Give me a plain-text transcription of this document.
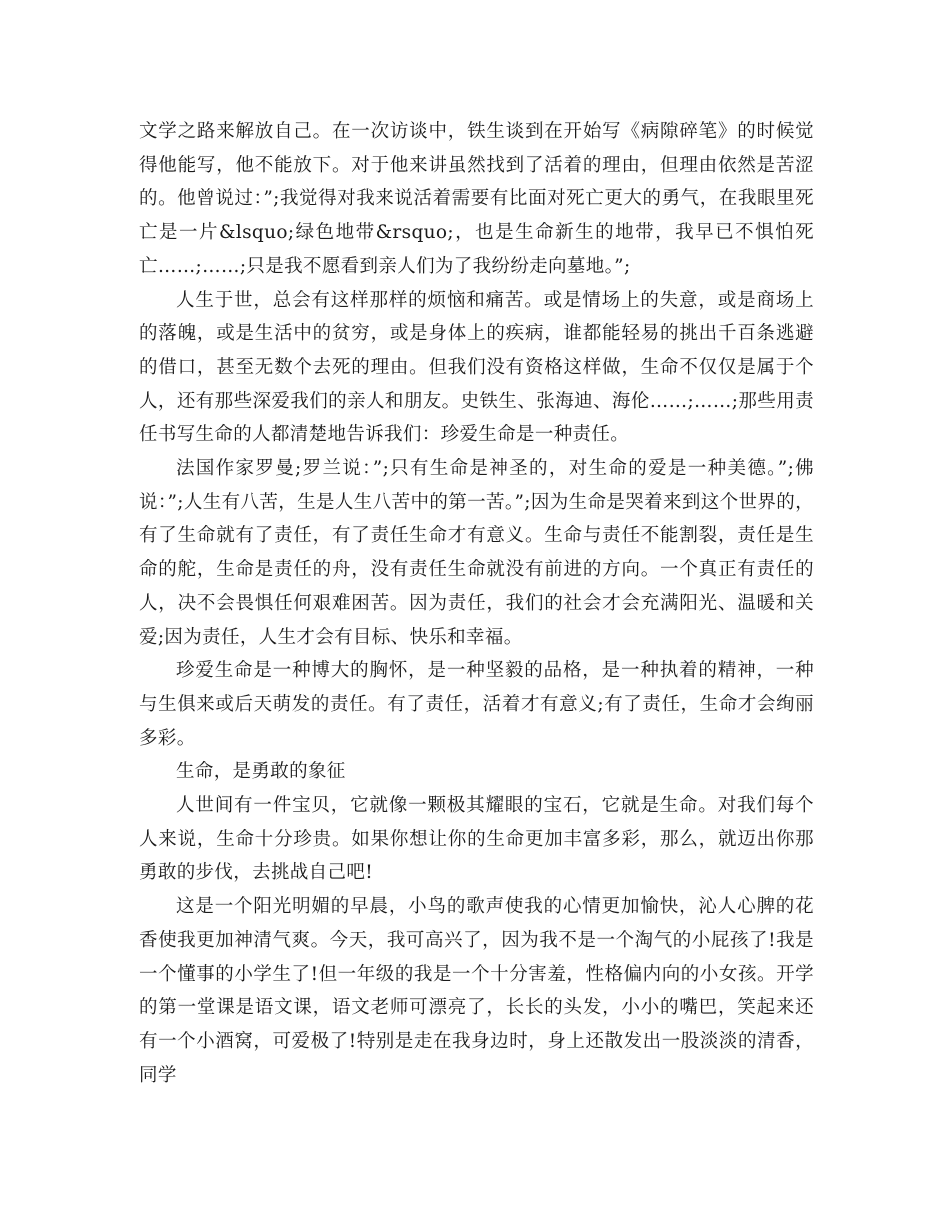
文学之路来解放自己。在一次访谈中，铁生谈到在开始写《病隙碎笔》的时候觉得他能写，他不能放下。对于他来讲虽然找到了活着的理由，但理由依然是苦涩的。他曾说过：”;我觉得对我来说活着需要有比面对死亡更大的勇气，在我眼里死亡是一片&lsquo;绿色地带&rsquo;，也是生命新生的地带，我早已不惧怕死亡……;……;只是我不愿看到亲人们为了我纷纷走向墓地。”;

人生于世，总会有这样那样的烦恼和痛苦。或是情场上的失意，或是商场上的落魄，或是生活中的贫穷，或是身体上的疾病，谁都能轻易的挑出千百条逃避的借口，甚至无数个去死的理由。但我们没有资格这样做，生命不仅仅是属于个人，还有那些深爱我们的亲人和朋友。史铁生、张海迪、海伦……;……;那些用责任书写生命的人都清楚地告诉我们：珍爱生命是一种责任。

法国作家罗曼;罗兰说：”;只有生命是神圣的，对生命的爱是一种美德。”;佛说：”;人生有八苦，生是人生八苦中的第一苦。”;因为生命是哭着来到这个世界的，有了生命就有了责任，有了责任生命才有意义。生命与责任不能割裂，责任是生命的舵，生命是责任的舟，没有责任生命就没有前进的方向。一个真正有责任的人，决不会畏惧任何艰难困苦。因为责任，我们的社会才会充满阳光、温暖和关爱;因为责任，人生才会有目标、快乐和幸福。

珍爱生命是一种博大的胸怀，是一种坚毅的品格，是一种执着的精神，一种与生俱来或后天萌发的责任。有了责任，活着才有意义;有了责任，生命才会绚丽多彩。

生命，是勇敢的象征

人世间有一件宝贝，它就像一颗极其耀眼的宝石，它就是生命。对我们每个人来说，生命十分珍贵。如果你想让你的生命更加丰富多彩，那么，就迈出你那勇敢的步伐，去挑战自己吧!

这是一个阳光明媚的早晨，小鸟的歌声使我的心情更加愉快，沁人心脾的花香使我更加神清气爽。今天，我可高兴了，因为我不是一个淘气的小屁孩了!我是一个懂事的小学生了!但一年级的我是一个十分害羞，性格偏内向的小女孩。开学的第一堂课是语文课，语文老师可漂亮了，长长的头发，小小的嘴巴，笑起来还有一个小酒窝，可爱极了!特别是走在我身边时，身上还散发出一股淡淡的清香，同学
